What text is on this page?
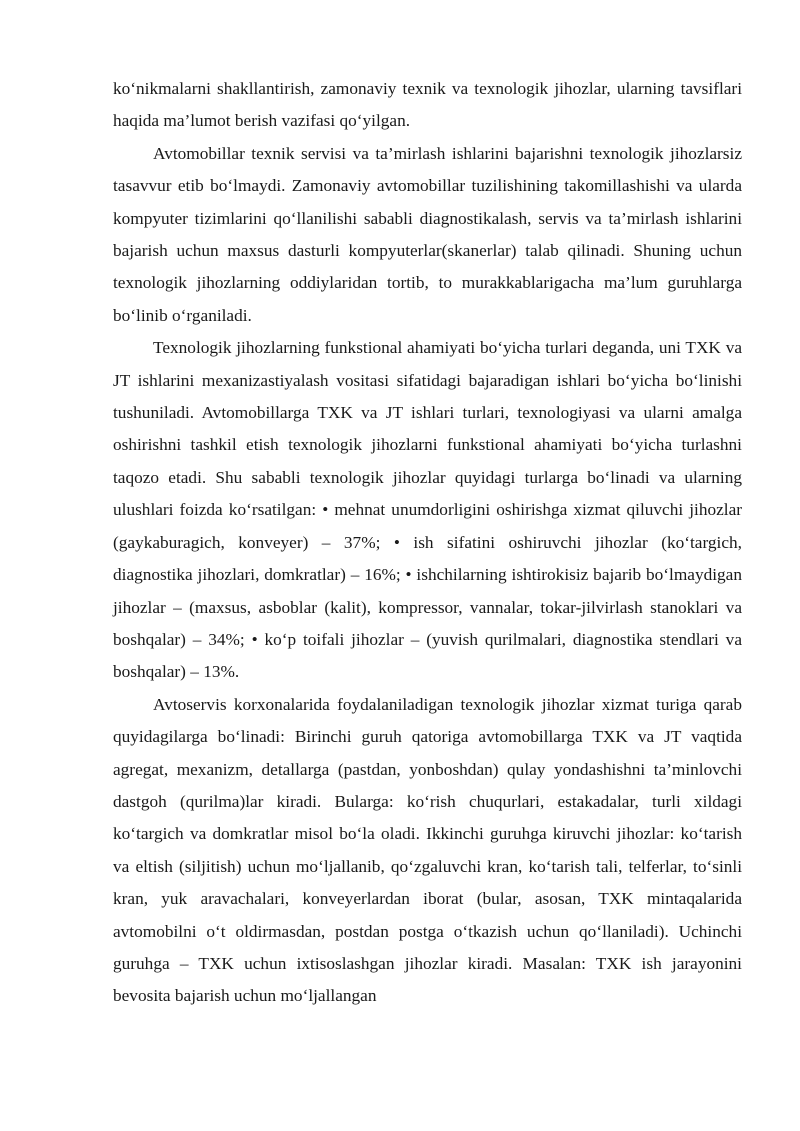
ko‘nikmalarni shakllantirish, zamonaviy texnik va texnologik jihozlar, ularning tavsiflari haqida ma’lumot berish vazifasi qo‘yilgan.

Avtomobillar texnik servisi va ta’mirlash ishlarini bajarishni texnologik jihozlarsiz tasavvur etib bo‘lmaydi. Zamonaviy avtomobillar tuzilishining takomillashishi va ularda kompyuter tizimlarini qo‘llanilishi sababli diagnostikalash, servis va ta’mirlash ishlarini bajarish uchun maxsus dasturli kompyuterlar(skanerlar) talab qilinadi. Shuning uchun texnologik jihozlarning oddiylaridan tortib, to murakkablarigacha ma’lum guruhlarga bo‘linib o‘rganiladi.

Texnologik jihozlarning funkstional ahamiyati bo‘yicha turlari deganda, uni TXK va JT ishlarini mexanizastiyalash vositasi sifatidagi bajaradigan ishlari bo‘yicha bo‘linishi tushuniladi. Avtomobillarga TXK va JT ishlari turlari, texnologiyasi va ularni amalga oshirishni tashkil etish texnologik jihozlarni funkstional ahamiyati bo‘yicha turlashni taqozo etadi. Shu sababli texnologik jihozlar quyidagi turlarga bo‘linadi va ularning ulushlari foizda ko‘rsatilgan: • mehnat unumdorligini oshirishga xizmat qiluvchi jihozlar (gaykaburagich, konveyer) – 37%; • ish sifatini oshiruvchi jihozlar (ko‘targich, diagnostika jihozlari, domkratlar) – 16%; • ishchilarning ishtirokisiz bajarib bo‘lmaydigan jihozlar – (maxsus, asboblar (kalit), kompressor, vannalar, tokar-jilvirlash stanoklari va boshqalar) – 34%; • ko‘p toifali jihozlar – (yuvish qurilmalari, diagnostika stendlari va boshqalar) – 13%.

Avtoservis korxonalarida foydalaniladigan texnologik jihozlar xizmat turiga qarab quyidagilarga bo‘linadi: Birinchi guruh qatoriga avtomobillarga TXK va JT vaqtida agregat, mexanizm, detallarga (pastdan, yonboshdan) qulay yondashishni ta’minlovchi dastgoh (qurilma)lar kiradi. Bularga: ko‘rish chuqurlari, estakadalar, turli xildagi ko‘targich va domkratlar misol bo‘la oladi. Ikkinchi guruhga kiruvchi jihozlar: ko‘tarish va eltish (siljitish) uchun mo‘ljallanib, qo‘zgaluvchi kran, ko‘tarish tali, telferlar, to‘sinli kran, yuk aravachalari, konveyerlardan iborat (bular, asosan, TXK mintaqalarida avtomobilni o‘t oldirmasdan, postdan postga o‘tkazish uchun qo‘llaniladi). Uchinchi guruhga – TXK uchun ixtisoslashgan jihozlar kiradi. Masalan: TXK ish jarayonini bevosita bajarish uchun mo‘ljallangan
